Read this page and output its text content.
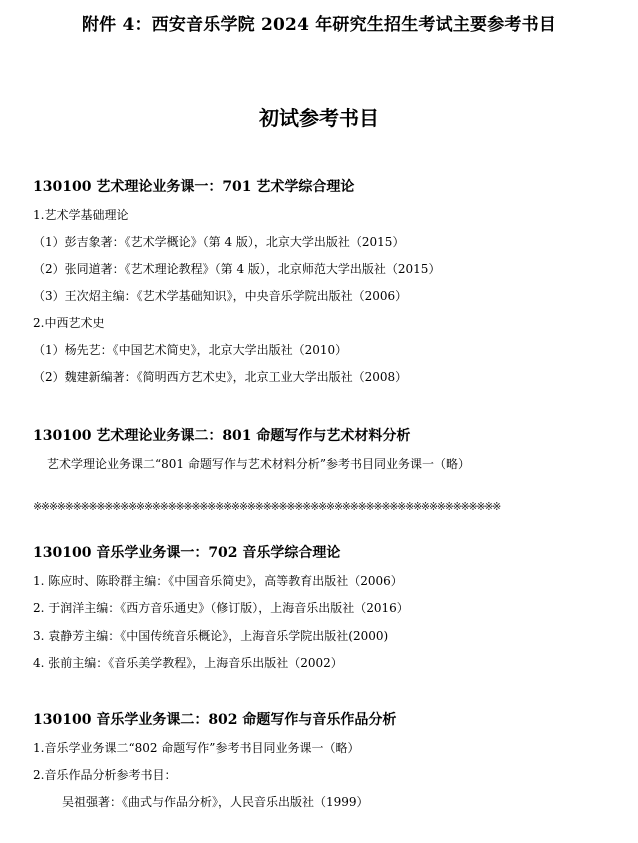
附件 4：西安音乐学院 2024 年研究生招生考试主要参考书目
初试参考书目
130100 艺术理论业务课一：701 艺术学综合理论
1.艺术学基础理论
（1）彭吉象著：《艺术学概论》（第 4 版），北京大学出版社（2015）
（2）张同道著：《艺术理论教程》（第 4 版），北京师范大学出版社（2015）
（3）王次炤主编：《艺术学基础知识》，中央音乐学院出版社（2006）
2.中西艺术史
（1）杨先艺：《中国艺术简史》，北京大学出版社（2010）
（2）魏建新编著：《简明西方艺术史》，北京工业大学出版社（2008）
130100 艺术理论业务课二：801 命题写作与艺术材料分析
艺术学理论业务课二“801 命题写作与艺术材料分析”参考书目同业务课一（略）
※※※※※※※※※※※※※※※※※※※※※※※※※※※※※※※※※※※※※※※※※※※※※※※※※※※※※※※※※※※
130100 音乐学业务课一：702 音乐学综合理论
1. 陈应时、陈聆群主编：《中国音乐简史》，高等教育出版社（2006）
2. 于润洋主编：《西方音乐通史》（修订版），上海音乐出版社（2016）
3. 袁静芳主编：《中国传统音乐概论》，上海音乐学院出版社(2000)
4. 张前主编：《音乐美学教程》，上海音乐出版社（2002）
130100 音乐学业务课二：802 命题写作与音乐作品分析
1.音乐学业务课二“802 命题写作”参考书目同业务课一（略）
2.音乐作品分析参考书目：
吴祖强著：《曲式与作品分析》，人民音乐出版社（1999）
